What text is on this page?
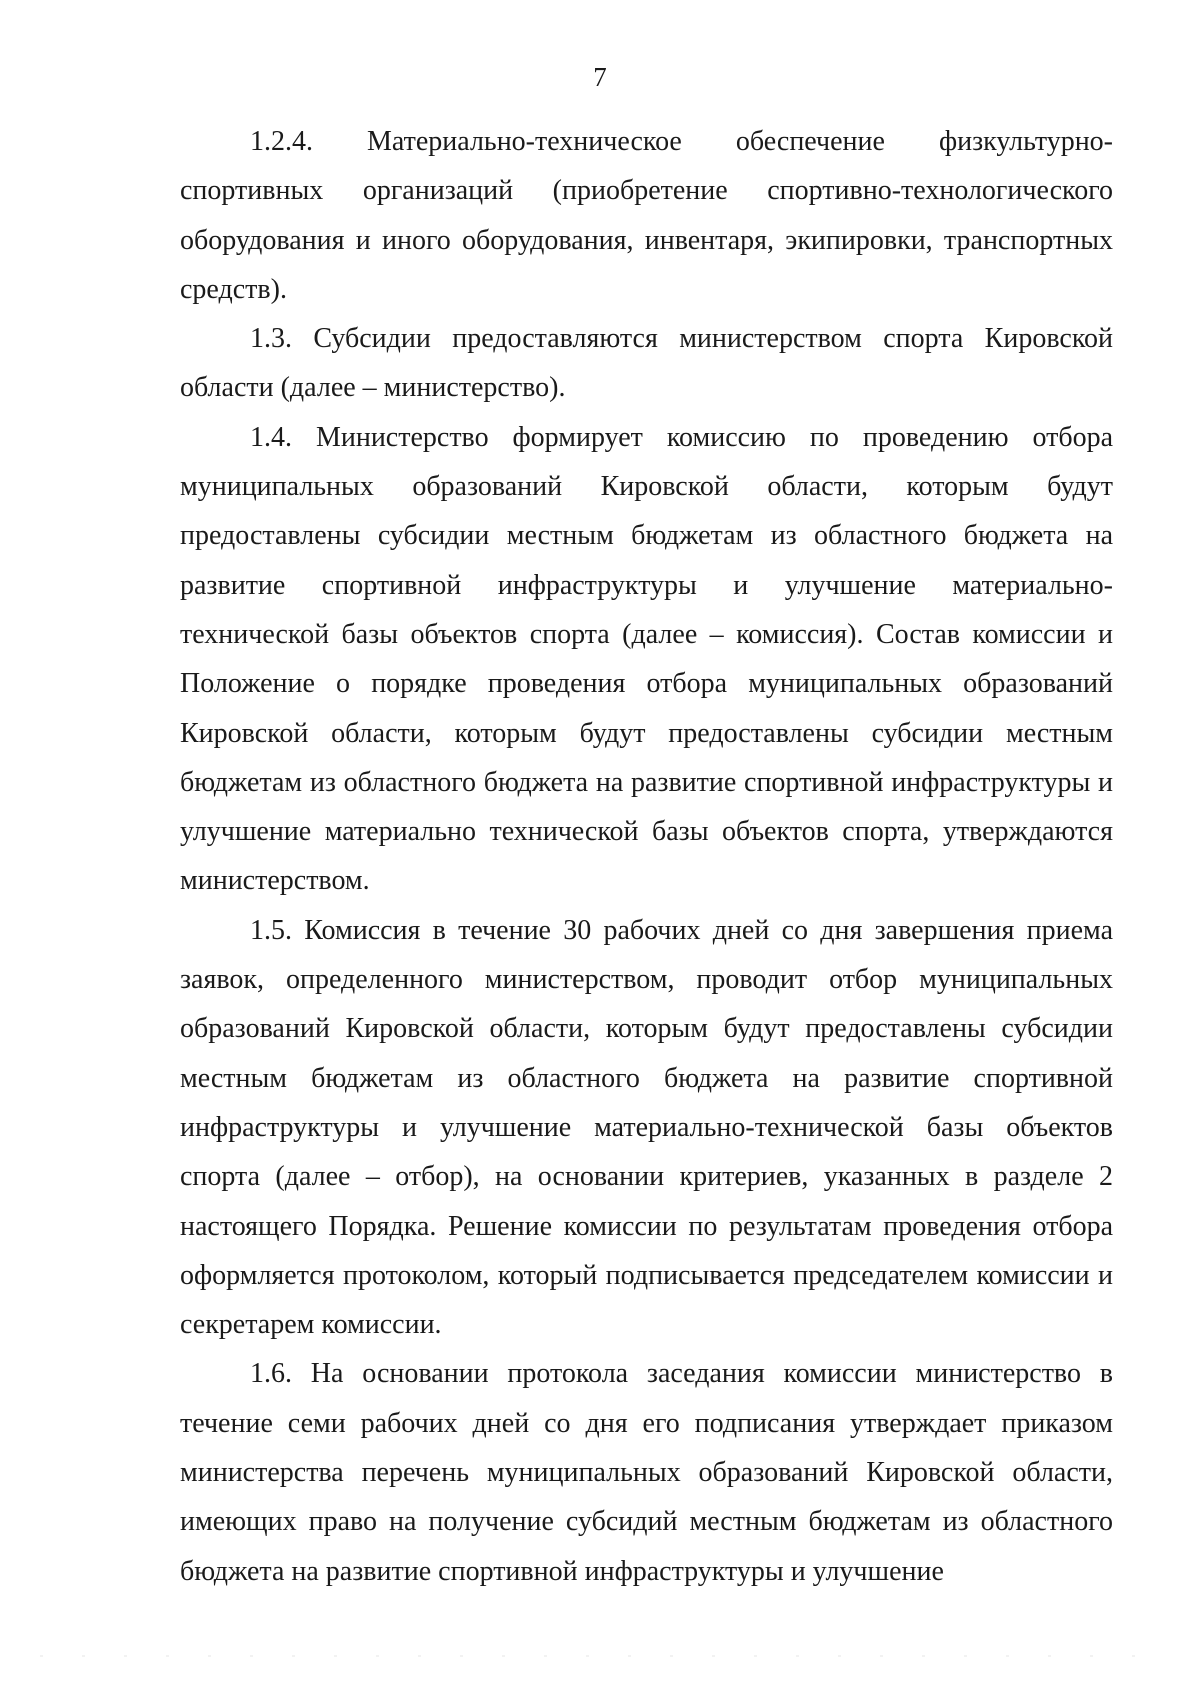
7

1.2.4. Материально-техническое обеспечение физкультурно-спортивных организаций (приобретение спортивно-технологического оборудования и иного оборудования, инвентаря, экипировки, транспортных средств).

1.3. Субсидии предоставляются министерством спорта Кировской области (далее – министерство).

1.4. Министерство формирует комиссию по проведению отбора муниципальных образований Кировской области, которым будут предоставлены субсидии местным бюджетам из областного бюджета на развитие спортивной инфраструктуры и улучшение материально-технической базы объектов спорта (далее – комиссия). Состав комиссии и Положение о порядке проведения отбора муниципальных образований Кировской области, которым будут предоставлены субсидии местным бюджетам из областного бюджета на развитие спортивной инфраструктуры и улучшение материально технической базы объектов спорта, утверждаются министерством.

1.5. Комиссия в течение 30 рабочих дней со дня завершения приема заявок, определенного министерством, проводит отбор муниципальных образований Кировской области, которым будут предоставлены субсидии местным бюджетам из областного бюджета на развитие спортивной инфраструктуры и улучшение материально-технической базы объектов спорта (далее – отбор), на основании критериев, указанных в разделе 2 настоящего Порядка. Решение комиссии по результатам проведения отбора оформляется протоколом, который подписывается председателем комиссии и секретарем комиссии.

1.6. На основании протокола заседания комиссии министерство в течение семи рабочих дней со дня его подписания утверждает приказом министерства перечень муниципальных образований Кировской области, имеющих право на получение субсидий местным бюджетам из областного бюджета на развитие спортивной инфраструктуры и улучшение
